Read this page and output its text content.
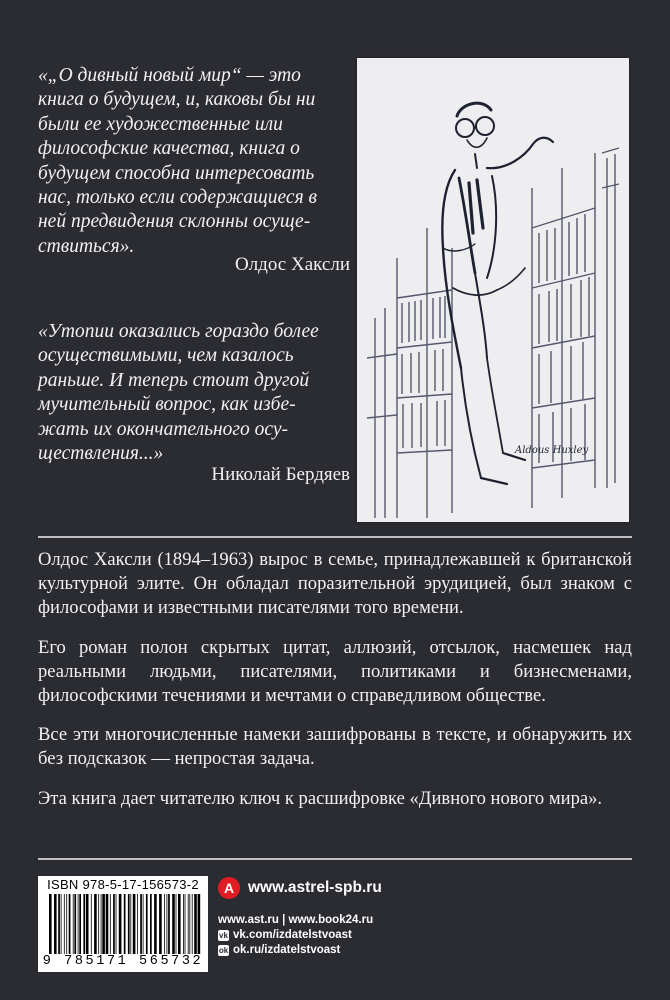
«„О дивный новый мир“ — это

книга о будущем, и, каковы бы ни

были ее художественные или

философские качества, книга о

будущем способна интересовать

нас, только если содержащиеся в

ней предвидения склонны осуще-

ствиться».

Олдос Хаксли

«Утопии оказались гораздо более

осуществимыми, чем казалось

раньше. И теперь стоит другой

мучительный вопрос, как избе-

жать их окончательного осу-

ществления...»

Николай Бердяев
Aldous Huxley

Олдос Хаксли (1894–1963) вырос в семье, принадлежавшей к британской культурной элите. Он обладал поразительной эрудицией, был знаком с философами и известными писателями того времени.

Его роман полон скрытых цитат, аллюзий, отсылок, насмешек над реальными людьми, писателями, политиками и бизнесменами, философскими течениями и мечтами о справедливом обществе.

Все эти многочисленные намеки зашифрованы в тексте, и обнаружить их без подсказок — непростая задача.

Эта книга дает читателю ключ к расшифровке «Дивного нового мира».

ISBN 978-5-17-156573-2
9 785171 565732
А www.astrel-spb.ru
www.ast.ru | www.book24.ru
vk vk.com/izdatelstvoast
ok ok.ru/izdatelstvoast
